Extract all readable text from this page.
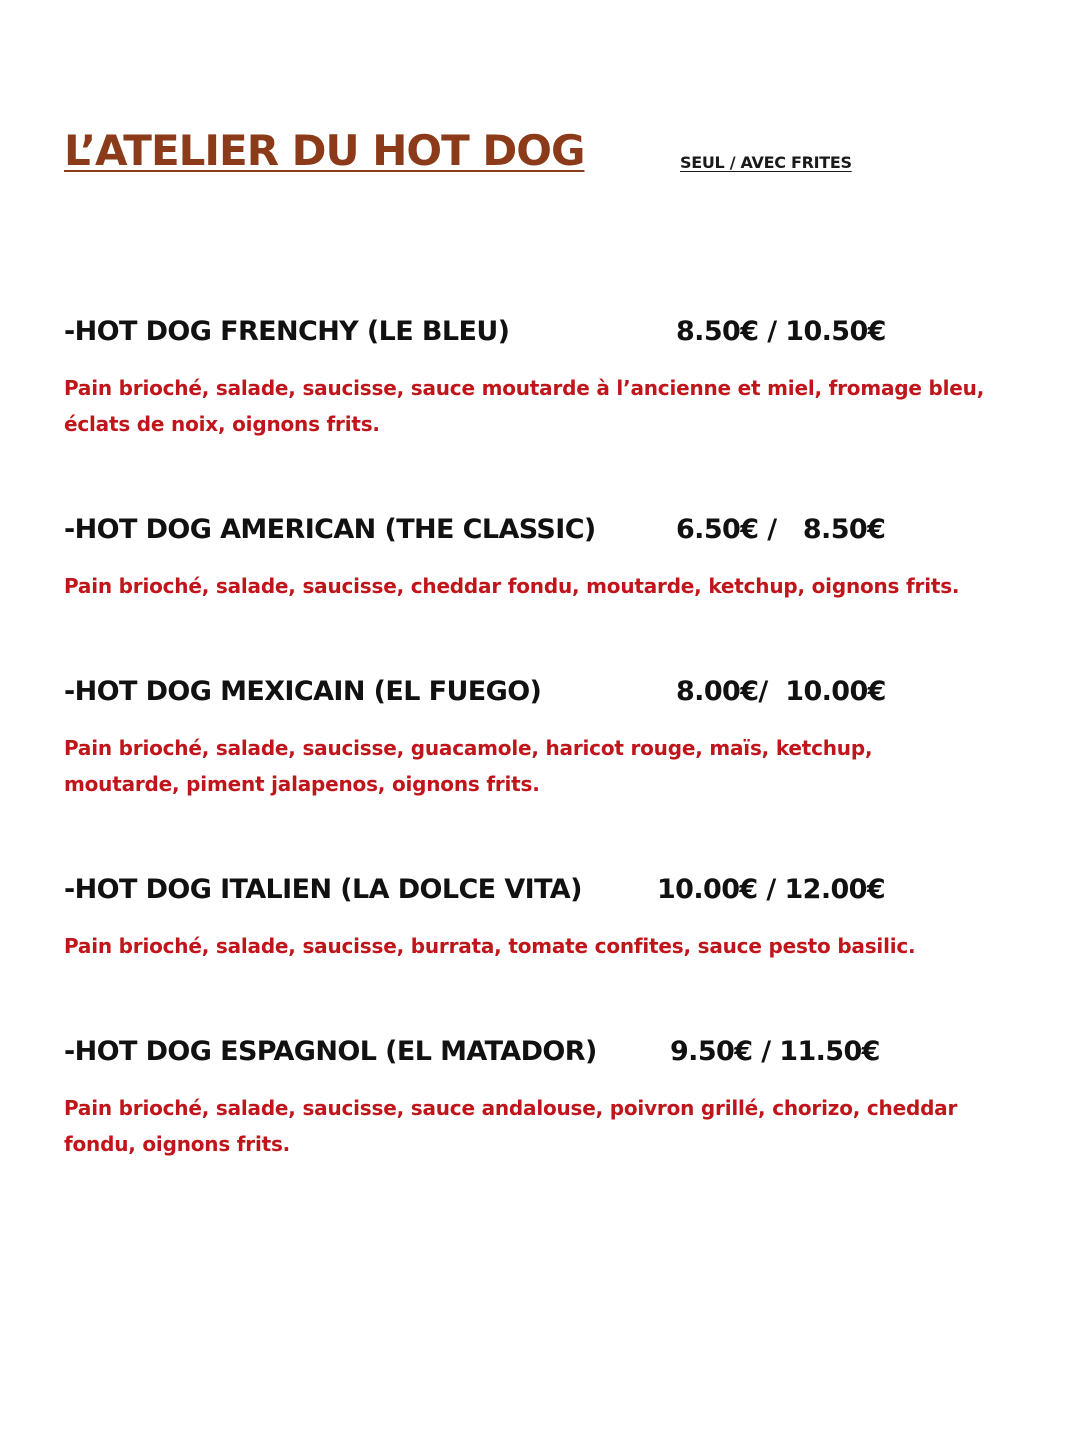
L’ATELIER DU HOT DOG	SEUL / AVEC FRITES
-HOT DOG FRENCHY (LE BLEU)	8.50€ / 10.50€
Pain brioché, salade, saucisse, sauce moutarde à l’ancienne et miel, fromage bleu, éclats de noix, oignons frits.
-HOT DOG AMERICAN (THE CLASSIC)	6.50€ /   8.50€
Pain brioché, salade, saucisse, cheddar fondu, moutarde, ketchup, oignons frits.
-HOT DOG MEXICAIN (EL FUEGO)	8.00€/  10.00€
Pain brioché, salade, saucisse, guacamole, haricot rouge, maïs, ketchup, moutarde, piment jalapenos, oignons frits.
-HOT DOG ITALIEN (LA DOLCE VITA)	10.00€ / 12.00€
Pain brioché, salade, saucisse, burrata, tomate confites, sauce pesto basilic.
-HOT DOG ESPAGNOL (EL MATADOR)	9.50€ / 11.50€
Pain brioché, salade, saucisse, sauce andalouse, poivron grillé, chorizo, cheddar fondu, oignons frits.
